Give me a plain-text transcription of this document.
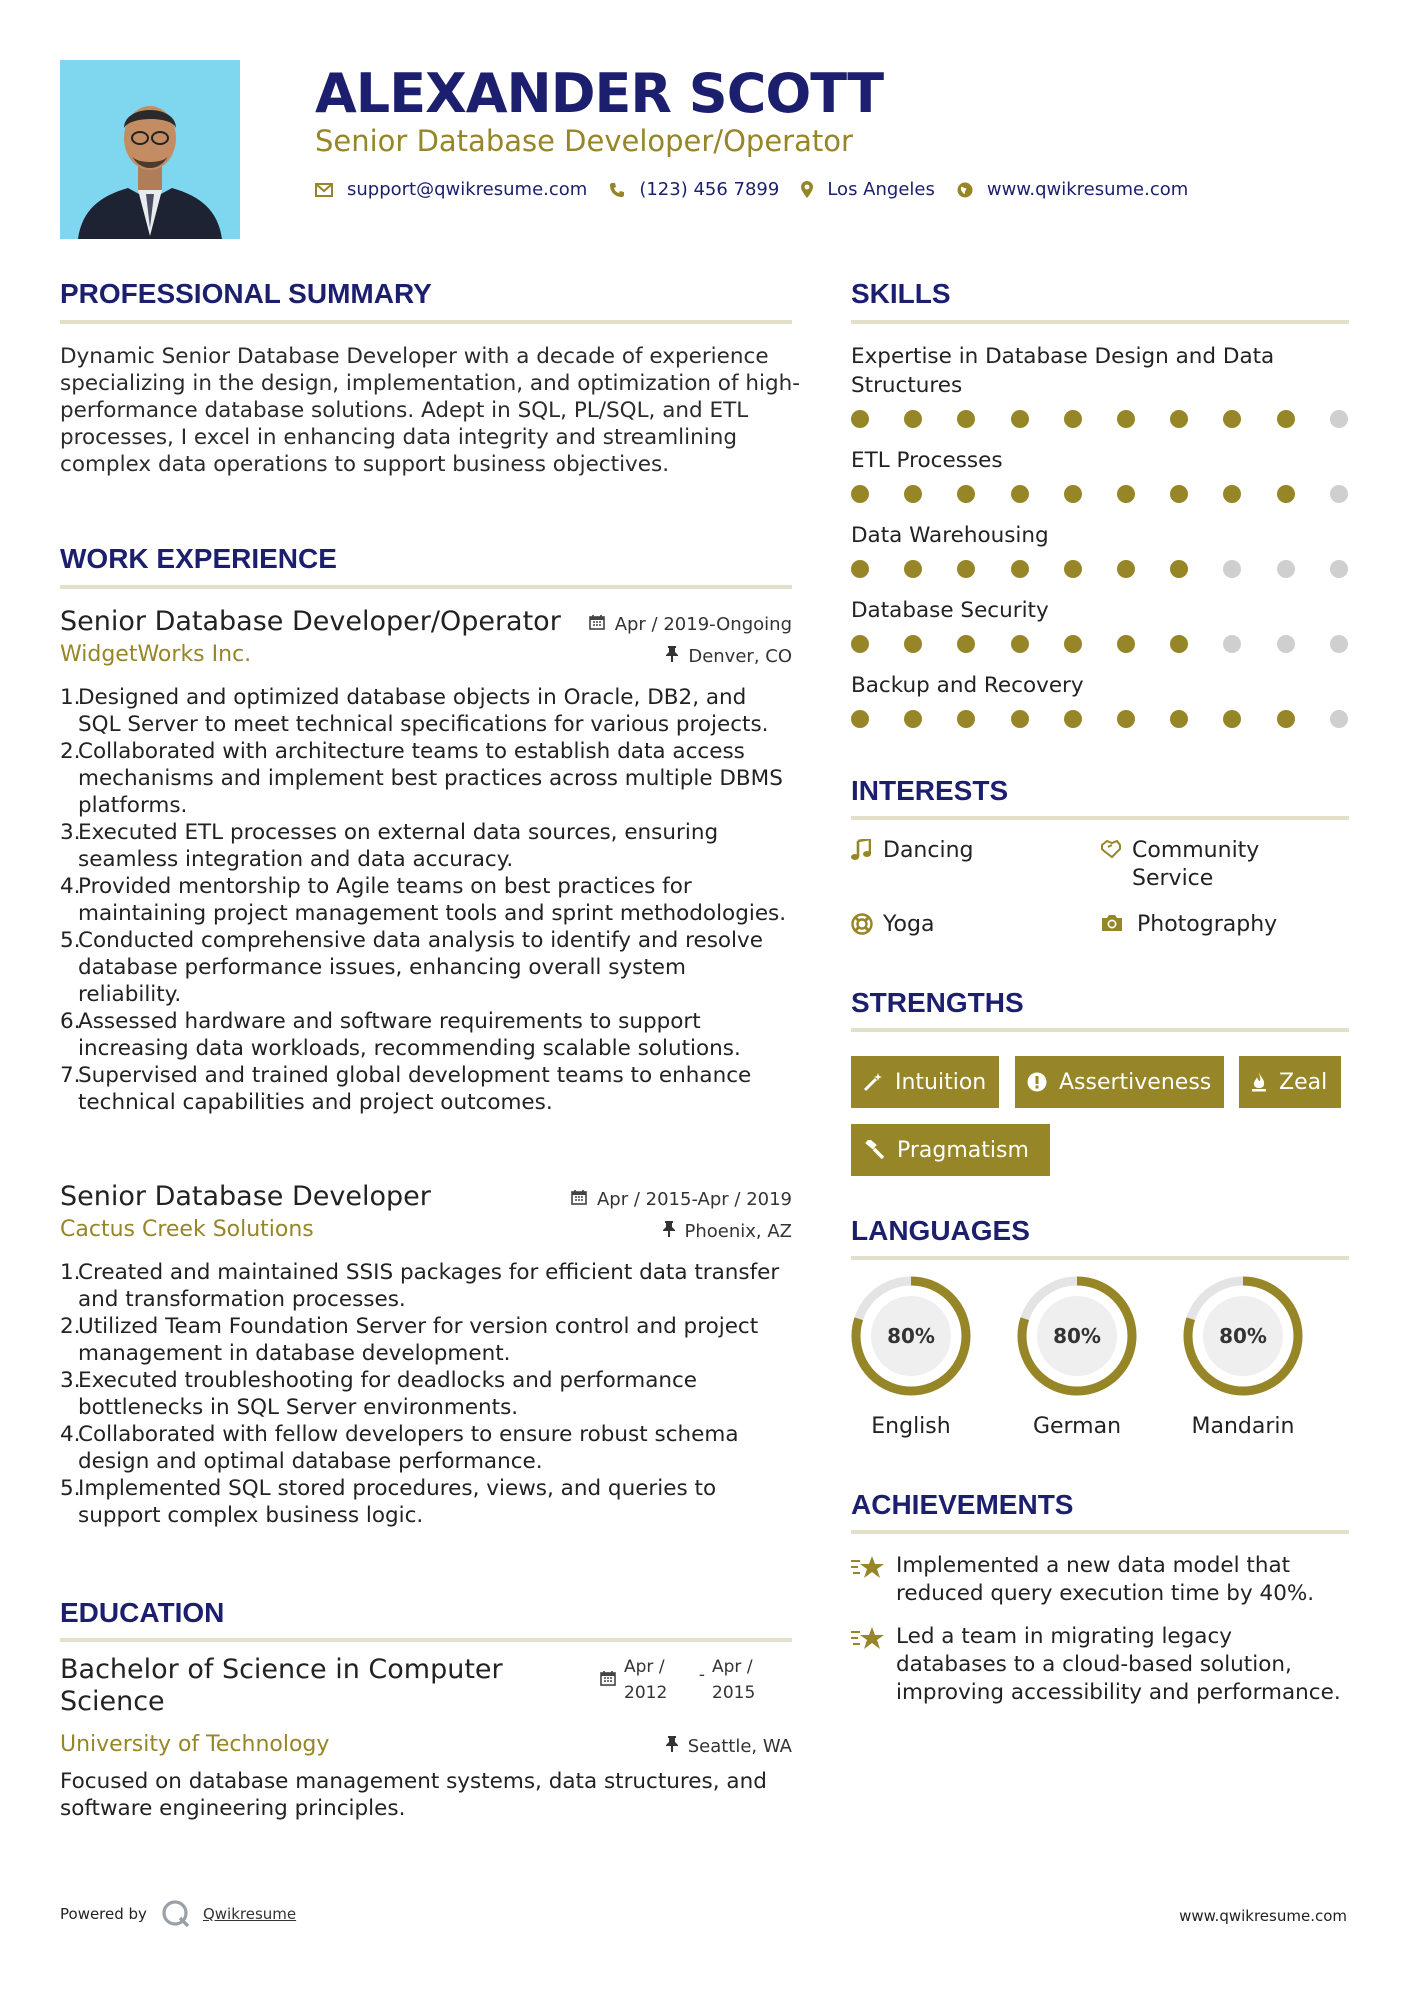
ALEXANDER SCOTT
Senior Database Developer/Operator
support@qwikresume.com	(123) 456 7899	Los Angeles	www.qwikresume.com
PROFESSIONAL SUMMARY
Dynamic Senior Database Developer with a decade of experience specializing in the design, implementation, and optimization of high-performance database solutions. Adept in SQL, PL/SQL, and ETL processes, I excel in enhancing data integrity and streamlining complex data operations to support business objectives.
WORK EXPERIENCE
Senior Database Developer/Operator	Apr / 2019-Ongoing
WidgetWorks Inc.	Denver, CO
1.
Designed and optimized database objects in Oracle, DB2, and SQL Server to meet technical specifications for various projects.
2.
Collaborated with architecture teams to establish data access mechanisms and implement best practices across multiple DBMS platforms.
3.
Executed ETL processes on external data sources, ensuring seamless integration and data accuracy.
4.
Provided mentorship to Agile teams on best practices for maintaining project management tools and sprint methodologies.
5.
Conducted comprehensive data analysis to identify and resolve database performance issues, enhancing overall system reliability.
6.
Assessed hardware and software requirements to support increasing data workloads, recommending scalable solutions.
7.
Supervised and trained global development teams to enhance technical capabilities and project outcomes.
Senior Database Developer	Apr / 2015-Apr / 2019
Cactus Creek Solutions	Phoenix, AZ
1.
Created and maintained SSIS packages for efficient data transfer and transformation processes.
2.
Utilized Team Foundation Server for version control and project management in database development.
3.
Executed troubleshooting for deadlocks and performance bottlenecks in SQL Server environments.
4.
Collaborated with fellow developers to ensure robust schema design and optimal database performance.
5.
Implemented SQL stored procedures, views, and queries to support complex business logic.
EDUCATION
Bachelor of Science in Computer Science
Apr / 2012
- Apr / 2015
University of Technology	Seattle, WA
Focused on database management systems, data structures, and software engineering principles.
SKILLS
Expertise in Database Design and Data Structures
ETL Processes
Data Warehousing
Database Security
Backup and Recovery
INTERESTS
Dancing	Community Service
Yoga	Photography
STRENGTHS
Intuition	Assertiveness	Zeal
Pragmatism
LANGUAGES
80%
English
80%
German
80%
Mandarin
ACHIEVEMENTS
Implemented a new data model that reduced query execution time by 40%.
Led a team in migrating legacy databases to a cloud-based solution, improving accessibility and performance.
Powered by	Qwikresume	www.qwikresume.com
